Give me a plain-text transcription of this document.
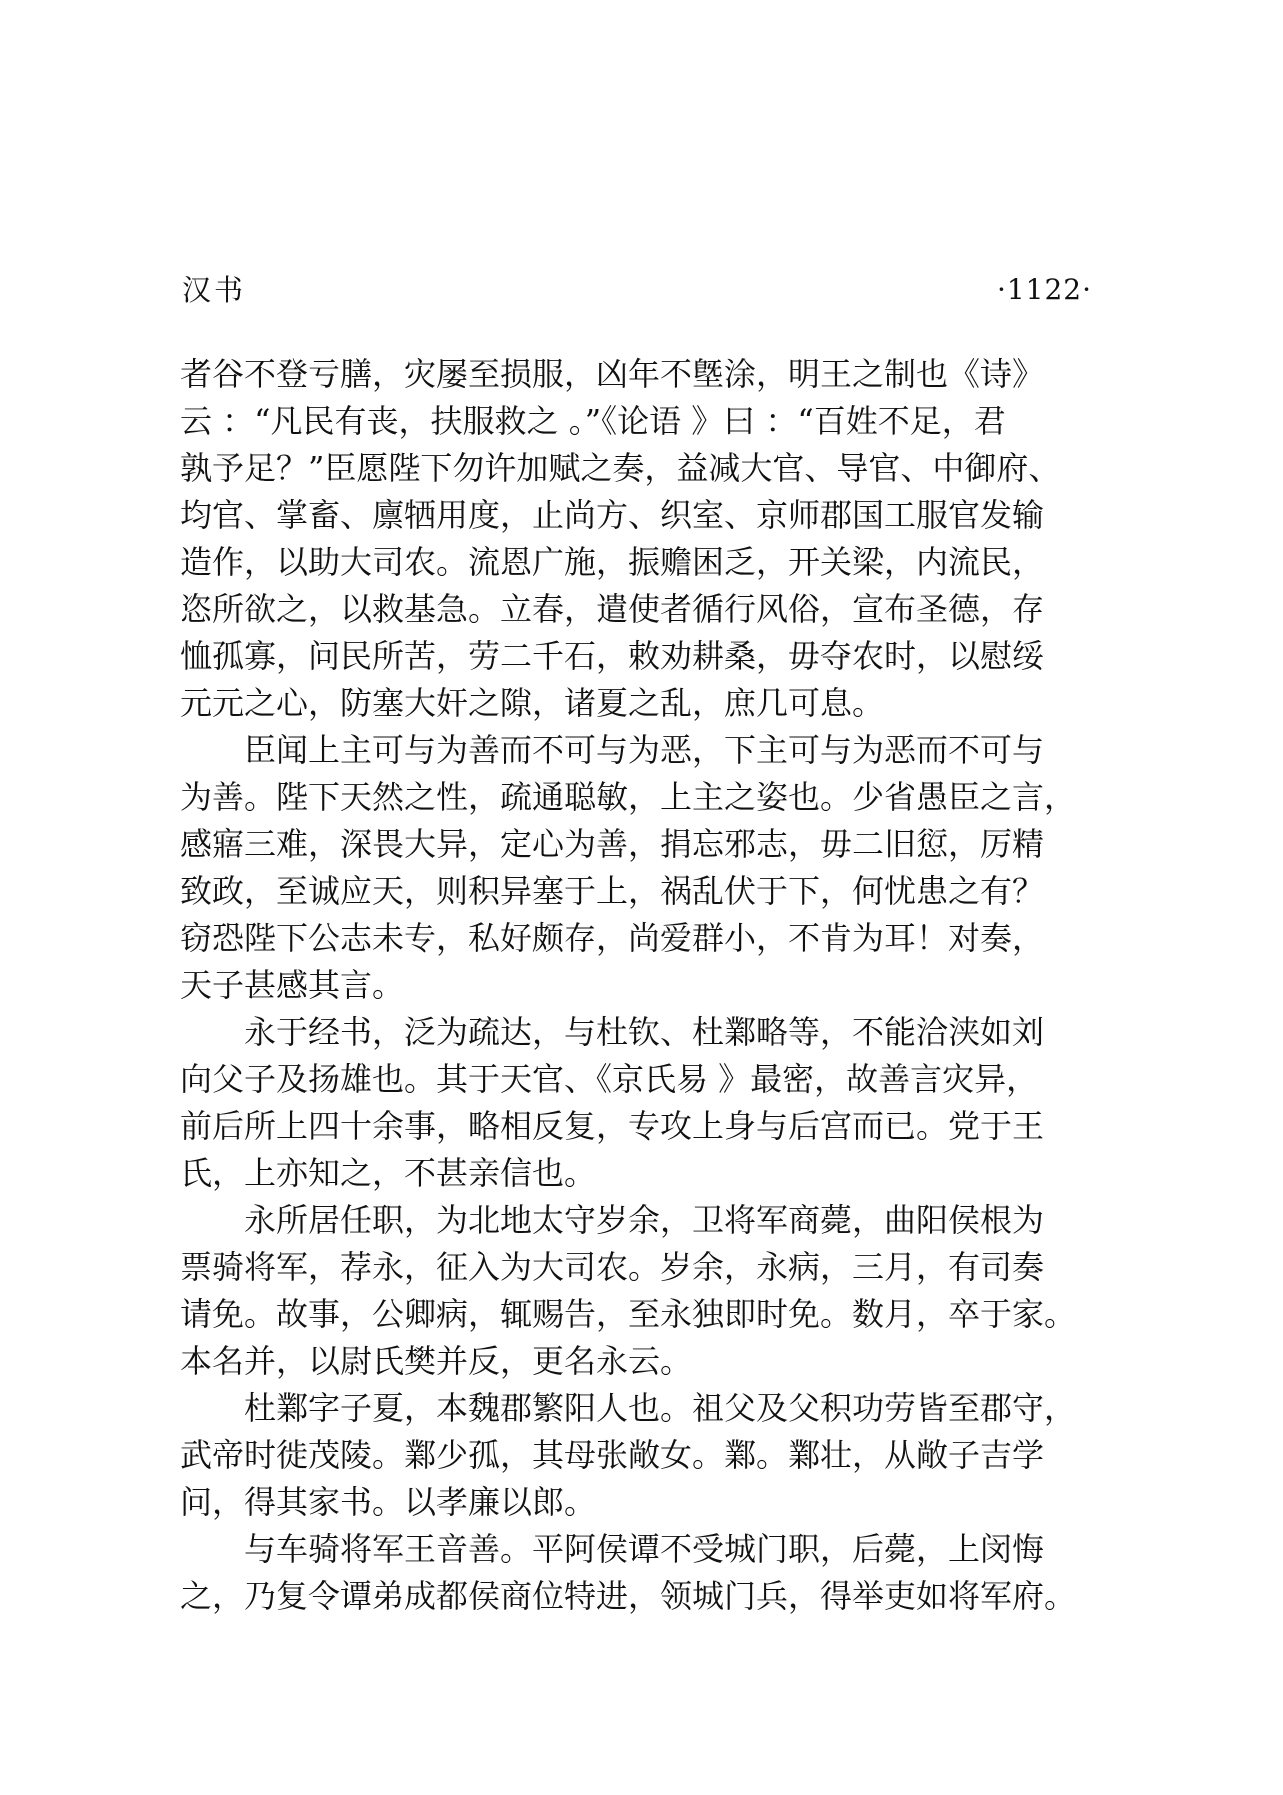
汉书	·1122·
者谷不登亏膳，灾屡至损服，凶年不墍涂，明王之制也《诗》
云 ：“凡民有丧，扶服救之 。”《论语 》曰 ：“百姓不足，君
孰予足？”臣愿陛下勿许加赋之奏，益减大官、导官、中御府、
均官、掌畜、廪牺用度，止尚方、织室、京师郡国工服官发输
造作，以助大司农。流恩广施，振赡困乏，开关梁，内流民，
恣所欲之，以救基急。立春，遣使者循行风俗，宣布圣德，存
恤孤寡，问民所苦，劳二千石，敕劝耕桑，毋夺农时，以慰绥
元元之心，防塞大奸之隙，诸夏之乱，庶几可息。
臣闻上主可与为善而不可与为恶，下主可与为恶而不可与
为善。陛下天然之性，疏通聪敏，上主之姿也。少省愚臣之言，
感寤三难，深畏大异，定心为善，捐忘邪志，毋二旧愆，厉精
致政，至诚应天，则积异塞于上，祸乱伏于下，何忧患之有？
窃恐陛下公志未专，私好颇存，尚爱群小，不肯为耳！对奏，
天子甚感其言。
永于经书，泛为疏达，与杜钦、杜鄴略等，不能洽浃如刘
向父子及扬雄也。其于天官、《京氏易 》最密，故善言灾异，
前后所上四十余事，略相反复，专攻上身与后宫而已。党于王
氏，上亦知之，不甚亲信也。
永所居任职，为北地太守岁余，卫将军商薨，曲阳侯根为
票骑将军，荐永，征入为大司农。岁余，永病，三月，有司奏
请免。故事，公卿病，辄赐告，至永独即时免。数月，卒于家。
本名并，以尉氏樊并反，更名永云。
杜鄴字子夏，本魏郡繁阳人也。祖父及父积功劳皆至郡守，
武帝时徙茂陵。鄴少孤，其母张敞女。鄴。鄴壮，从敞子吉学
问，得其家书。以孝廉以郎。
与车骑将军王音善。平阿侯谭不受城门职，后薨，上闵悔
之，乃复令谭弟成都侯商位特进，领城门兵，得举吏如将军府。
